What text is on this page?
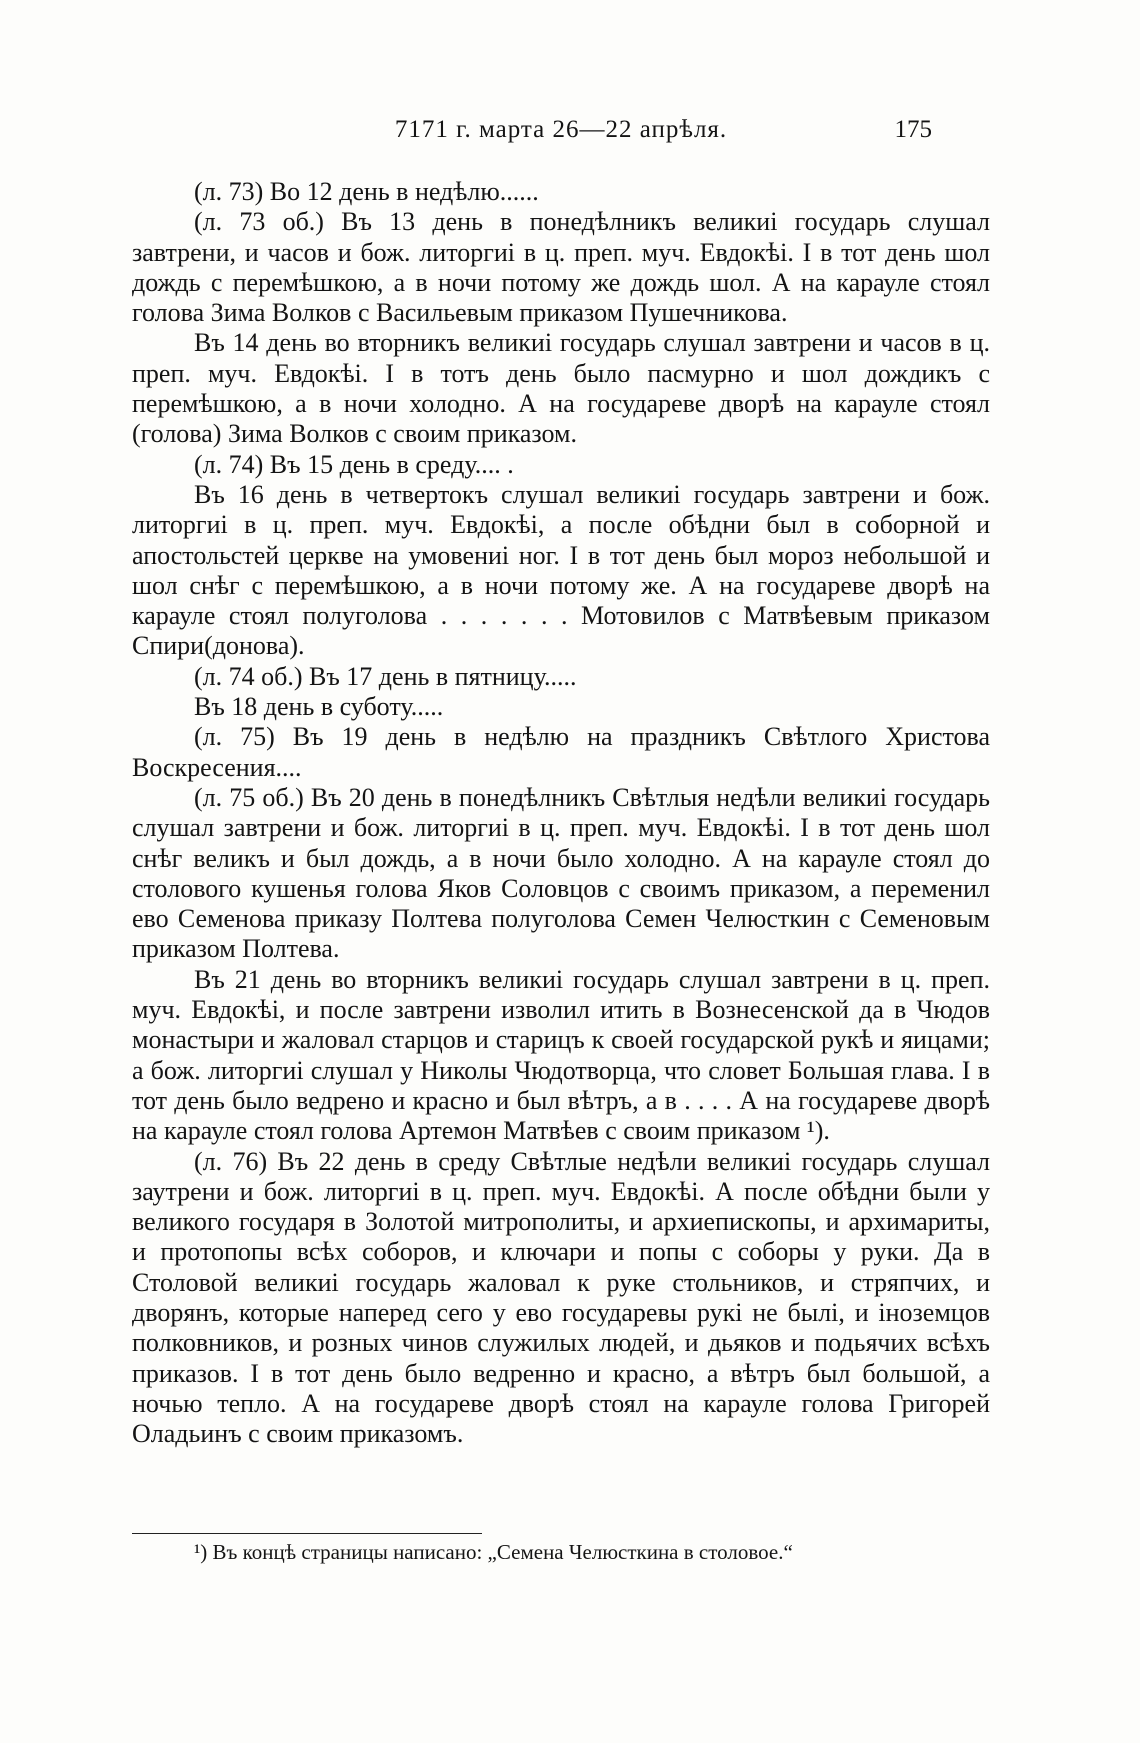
7171 г. марта 26—22 апрѣля.	175

(л. 73) Во 12 день в недѣлю......

(л. 73 об.) Въ 13 день в понедѣлникъ великиі государь слушал завтрени, и часов и бож. литоргиі в ц. преп. муч. Евдокѣі. І в тот день шол дождь с перемѣшкою, а в ночи потому же дождь шол. А на карауле стоял голова Зима Волков с Васильевым приказом Пушечникова.

Въ 14 день во вторникъ великиі государь слушал завтрени и часов в ц. преп. муч. Евдокѣі. І в тотъ день было пасмурно и шол дождикъ с перемѣшкою, а в ночи холодно. А на государеве дворѣ на карауле стоял (голова) Зима Волков с своим приказом.

(л. 74) Въ 15 день в среду.... .

Въ 16 день в четвертокъ слушал великиі государь завтрени и бож. литоргиі в ц. преп. муч. Евдокѣі, а после обѣдни был в соборной и апостольстей церкве на умовениі ног. І в тот день был мороз небольшой и шол снѣг с перемѣшкою, а в ночи потому же. А на государеве дворѣ на карауле стоял полуголова . . . . . . . Мотовилов с Матвѣевым приказом Спири(донова).

(л. 74 об.) Въ 17 день в пятницу.....

Въ 18 день в суботу.....

(л. 75) Въ 19 день в недѣлю на праздникъ Свѣтлого Христова Воскресения....

(л. 75 об.) Въ 20 день в понедѣлникъ Свѣтлыя недѣли великиі государь слушал завтрени и бож. литоргиі в ц. преп. муч. Евдокѣі. І в тот день шол снѣг великъ и был дождь, а в ночи было холодно. А на карауле стоял до столового кушенья голова Яков Соловцов с своимъ приказом, а переменил ево Семенова приказу Полтева полуголова Семен Челюсткин с Семеновым приказом Полтева.

Въ 21 день во вторникъ великиі государь слушал завтрени в ц. преп. муч. Евдокѣі, и после завтрени изволил итить в Вознесенской да в Чюдов монастыри и жаловал старцов и старицъ к своей государской рукѣ и яицами; а бож. литоргиі слушал у Николы Чюдотворца, что словет Большая глава. І в тот день было ведрено и красно и был вѣтръ, а в . . . . А на государеве дворѣ на карауле стоял голова Артемон Матвѣев с своим приказом ¹).

(л. 76) Въ 22 день в среду Свѣтлые недѣли великиі государь слушал заутрени и бож. литоргиі в ц. преп. муч. Евдокѣі. А после обѣдни были у великого государя в Золотой митрополиты, и архиепископы, и архимариты, и протопопы всѣх соборов, и ключари и попы с соборы у руки. Да в Столовой великиі государь жаловал к руке стольников, и стряпчих, и дворянъ, которые наперед сего у ево государевы рукі не былі, и іноземцов полковников, и розных чинов служилых людей, и дьяков и подьячих всѣхъ приказов. І в тот день было ведренно и красно, а вѣтръ был большой, а ночью тепло. А на государеве дворѣ стоял на карауле голова Григорей Оладьинъ с своим приказомъ.

¹) Въ концѣ страницы написано: „Семена Челюсткина в столовое.“
